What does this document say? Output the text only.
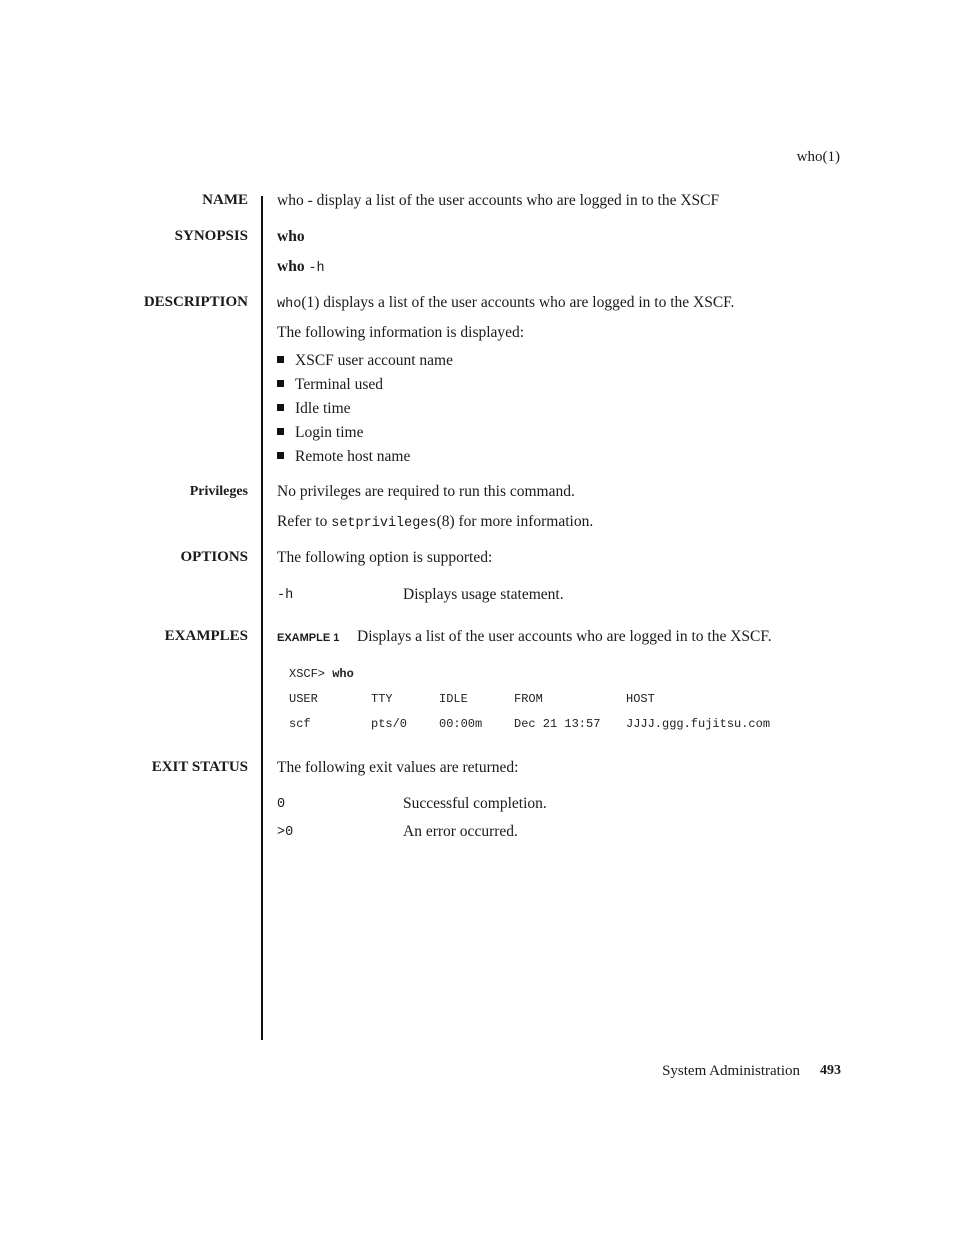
who(1)
NAME who - display a list of the user accounts who are logged in to the XSCF
SYNOPSIS who
who -h
DESCRIPTION who(1) displays a list of the user accounts who are logged in to the XSCF.
The following information is displayed:
XSCF user account name
Terminal used
Idle time
Login time
Remote host name
Privileges No privileges are required to run this command.
Refer to setprivileges(8) for more information.
OPTIONS The following option is supported:
-h	Displays usage statement.
EXAMPLES	EXAMPLE 1 Displays a list of the user accounts who are logged in to the XSCF.
XSCF> who
USER	TTY	IDLE	FROM	HOST
scf	pts/0	00:00m	Dec 21 13:57 JJJJ.ggg.fujitsu.com
EXIT STATUS The following exit values are returned:
0	Successful completion.
>0	An error occurred.
System Administration 493
